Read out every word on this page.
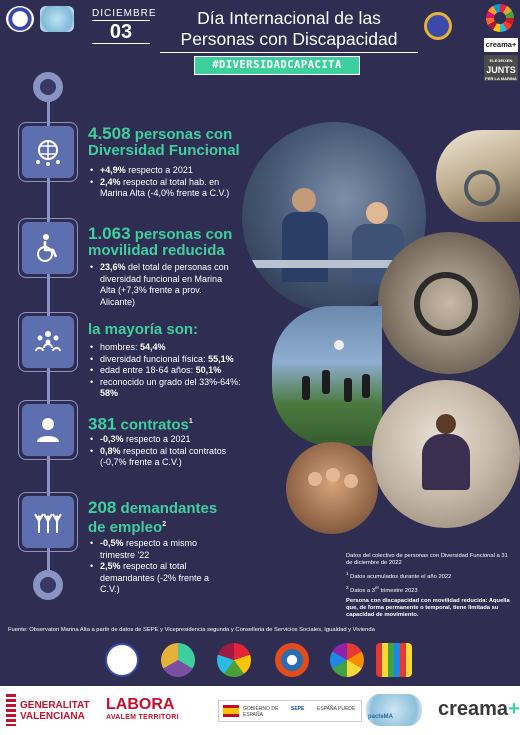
DICIEMBRE
03
Día Internacional de las
Personas con Discapacidad	creama+
ELEGEIXEN
JUNTS
PER LA MARINA
#DIVERSIDADCAPACITA
4.508 personas con
Diversidad Funcional
• +4,9% respecto a 2021
• 2,4% respecto al total hab. en Marina Alta (-4,0% frente a C.V.)
1.063 personas con
movilidad reducida
• 23,6% del total de personas con diversidad funcional en Marina Alta (+7,3% frente a prov. Alicante)
la mayoría son:
• hombres: 54,4%
• diversidad funcional física: 55,1%
• edad entre 18-64 años: 50,1%
• reconocido un grado del 33%-64%: 58%
381 contratos$^1$
• -0,3% respecto a 2021
• 0,8% respecto al total contratos (-0,7% frente a C.V.)
208 demandantes
de empleo$^2$
• -0,5% respecto a mismo trimestre '22
• 2,5% respecto al total demandantes (-2% frente a C.V.)

Datos del colectivo de personas con Diversidad Funcional a 31 de diciembre de 2022

$^1$ Datos acumulados durante el año 2022

$^2$ Datos a 3er trimestre 2023

Persona con discapacidad con movilidad reducida: Aquella que, de forma permanente o temporal, tiene limitada su capacidad de movimiento.

Fuente: Observatori Marina Alta a partir de datos de SEPE y Vicepresidencia segunda y Conselleria de Servicios Sociales, Igualdad y Vivienda
GENERALITAT
VALENCIANA
LABORA
AVALEM TERRITORI
GOBIERNO DE ESPAÑA
SEPE	ESPAÑA PUEDE
pacteMA creama+
